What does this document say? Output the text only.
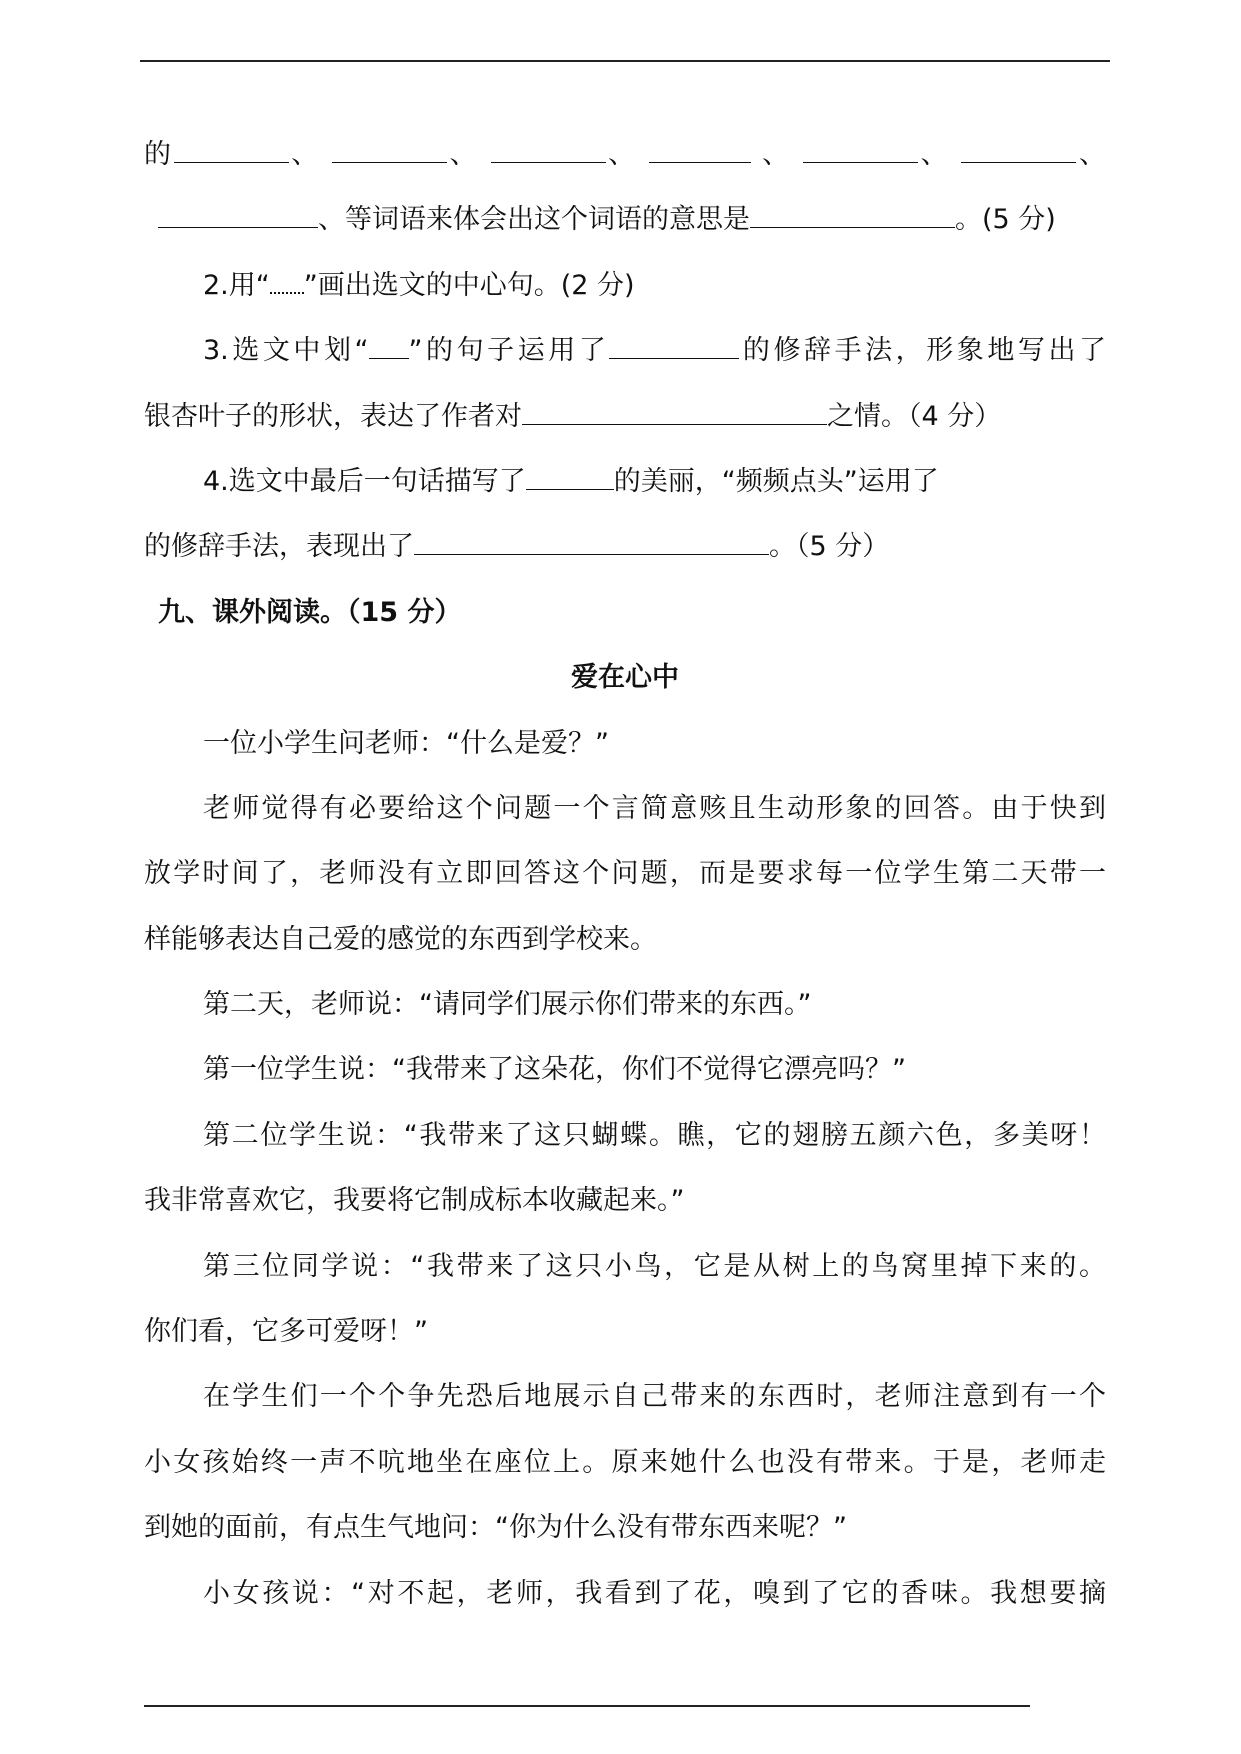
的	、	、	、	、	、	、
、等词语来体会出这个词语的意思是	。(5 分)
2.用“ ”画出选文的中心句。(2 分)
3.选文中划“ ”的句子运用了	的修辞手法，形象地写出了
银杏叶子的形状，表达了作者对	之情。（4 分）
4.选文中最后一句话描写了	的美丽，“频频点头”运用了
的修辞手法，表现出了	。（5 分）
九、课外阅读。（15 分）
爱在心中
一位小学生问老师：“什么是爱？”
老师觉得有必要给这个问题一个言简意赅且生动形象的回答。由于快到
放学时间了，老师没有立即回答这个问题，而是要求每一位学生第二天带一
样能够表达自己爱的感觉的东西到学校来。
第二天，老师说：“请同学们展示你们带来的东西。”
第一位学生说：“我带来了这朵花，你们不觉得它漂亮吗？”
第二位学生说：“我带来了这只蝴蝶。瞧，它的翅膀五颜六色，多美呀！
我非常喜欢它，我要将它制成标本收藏起来。”
第三位同学说：“我带来了这只小鸟，它是从树上的鸟窝里掉下来的。
你们看，它多可爱呀！”
在学生们一个个争先恐后地展示自己带来的东西时，老师注意到有一个
小女孩始终一声不吭地坐在座位上。原来她什么也没有带来。于是，老师走
到她的面前，有点生气地问：“你为什么没有带东西来呢？”
小女孩说：“对不起，老师，我看到了花，嗅到了它的香味。我想要摘
